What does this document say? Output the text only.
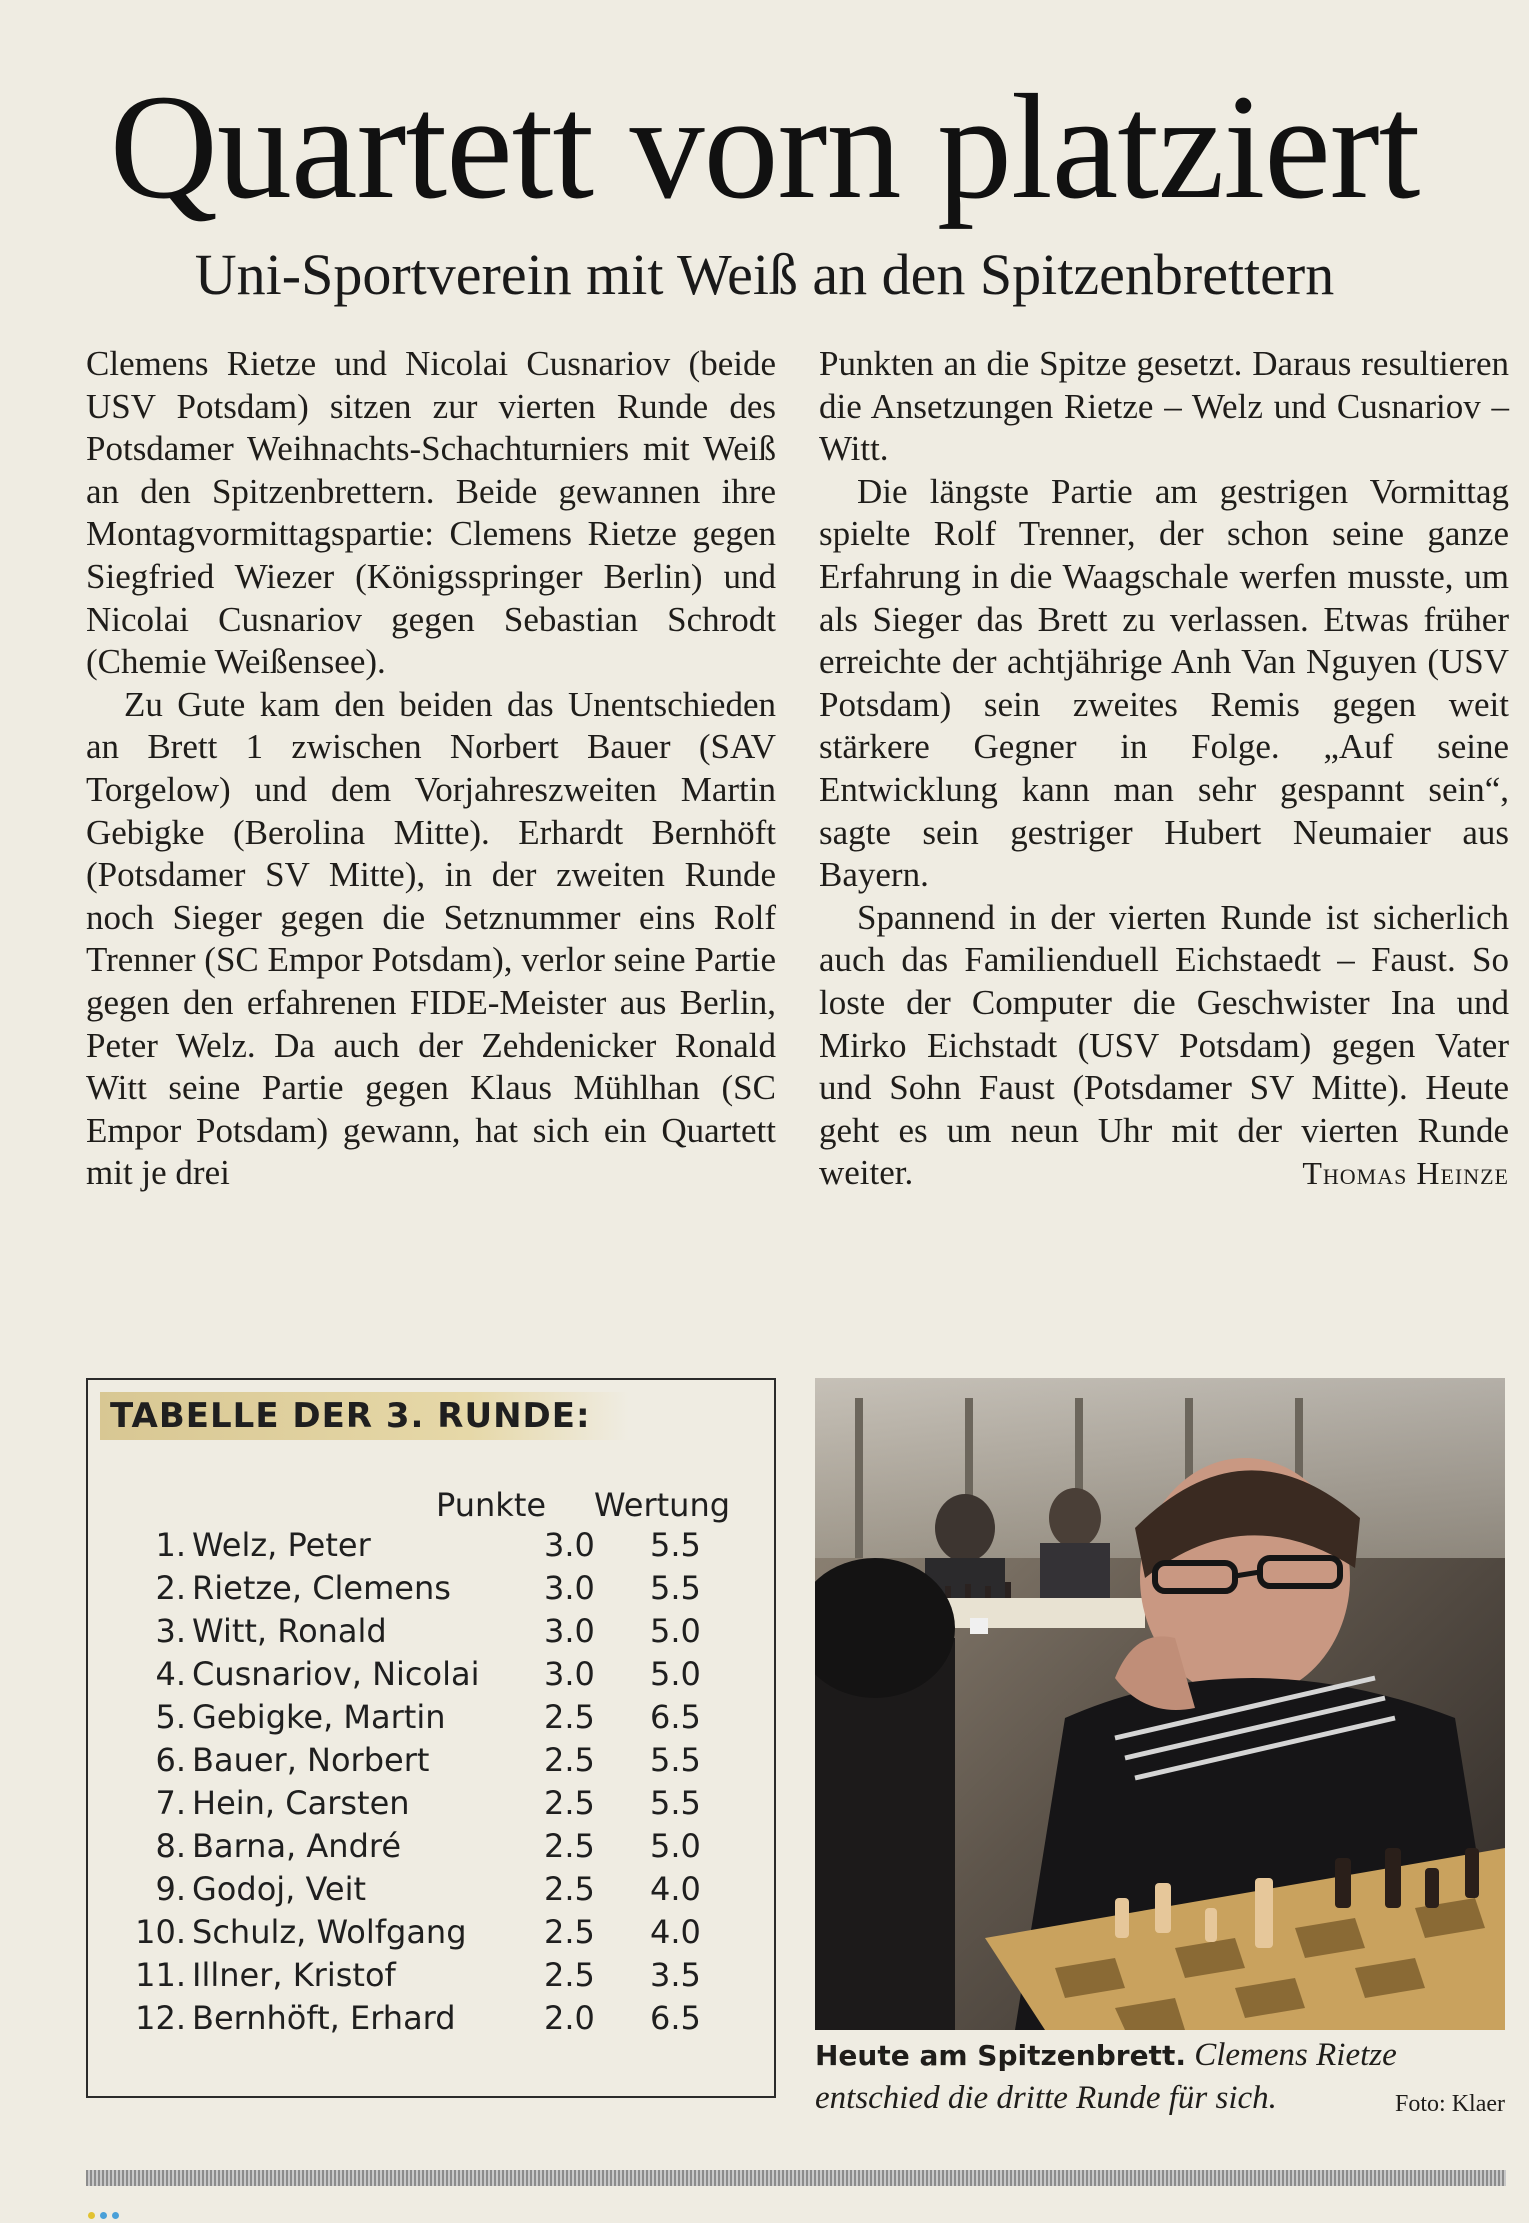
Quartett vorn platziert
Uni-Sportverein mit Weiß an den Spitzenbrettern

Clemens Rietze und Nicolai Cusnariov (beide USV Potsdam) sitzen zur vierten Runde des Potsdamer Weihnachts-Schachturniers mit Weiß an den Spitzenbrettern. Beide gewannen ihre Montagvormittagspartie: Clemens Rietze gegen Siegfried Wiezer (Königsspringer Berlin) und Nicolai Cusnariov gegen Sebastian Schrodt (Chemie Weißensee).

Zu Gute kam den beiden das Unentschieden an Brett 1 zwischen Norbert Bauer (SAV Torgelow) und dem Vorjahreszweiten Martin Gebigke (Berolina Mitte). Erhardt Bernhöft (Potsdamer SV Mitte), in der zweiten Runde noch Sieger gegen die Setznummer eins Rolf Trenner (SC Empor Potsdam), verlor seine Partie gegen den erfahrenen FIDE-Meister aus Berlin, Peter Welz. Da auch der Zehdenicker Ronald Witt seine Partie gegen Klaus Mühlhan (SC Empor Potsdam) gewann, hat sich ein Quartett mit je drei

Punkten an die Spitze gesetzt. Daraus resultieren die Ansetzungen Rietze – Welz und Cusnariov – Witt.

Die längste Partie am gestrigen Vormittag spielte Rolf Trenner, der schon seine ganze Erfahrung in die Waagschale werfen musste, um als Sieger das Brett zu verlassen. Etwas früher erreichte der achtjährige Anh Van Nguyen (USV Potsdam) sein zweites Remis gegen weit stärkere Gegner in Folge. „Auf seine Entwicklung kann man sehr gespannt sein“, sagte sein gestriger Hubert Neumaier aus Bayern.

Spannend in der vierten Runde ist sicherlich auch das Familienduell Eichstaedt – Faust. So loste der Computer die Geschwister Ina und Mirko Eichstadt (USV Potsdam) gegen Vater und Sohn Faust (Potsdamer SV Mitte). Heute geht es um neun Uhr mit der vierten Runde weiter.	Thomas Heinze

TABELLE DER 3. RUNDE:
Punkte Wertung
1. Welz, Peter	3.0 5.5
2. Rietze, Clemens	3.0 5.5
3. Witt, Ronald	3.0 5.0
4. Cusnariov, Nicolai 3.0 5.0
5. Gebigke, Martin	2.5 6.5
6. Bauer, Norbert	2.5 5.5
7. Hein, Carsten	2.5 5.5
8. Barna, André	2.5 5.0
9. Godoj, Veit	2.5 4.0
10. Schulz, Wolfgang 2.5 4.0
11. Illner, Kristof	2.5 3.5
12. Bernhöft, Erhard	2.0 6.5
Heute am Spitzenbrett. Clemens Rietze entschied die dritte Runde für sich.	Foto: Klaer
